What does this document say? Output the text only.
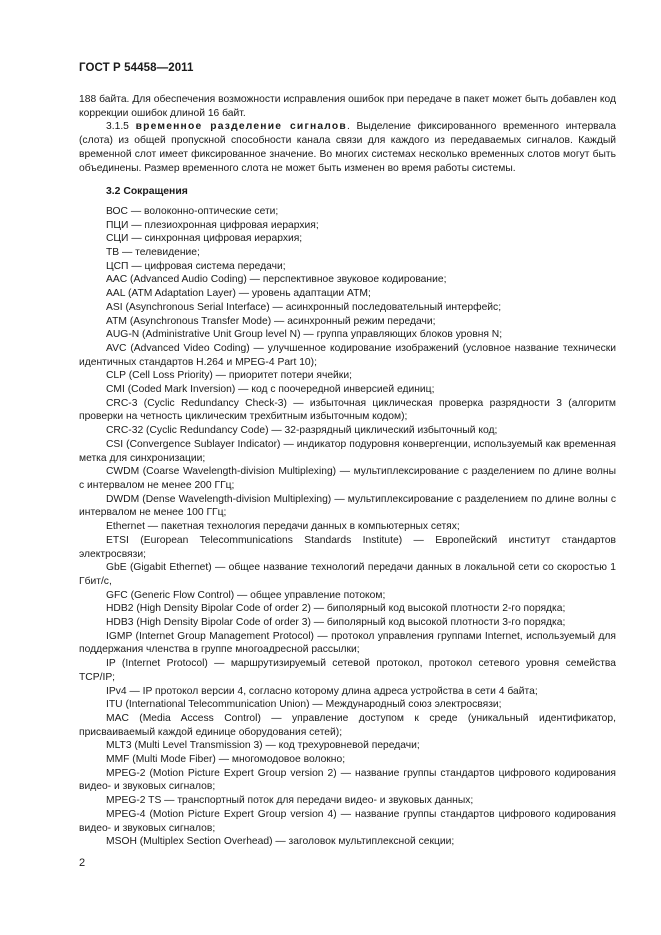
ГОСТ Р 54458—2011

188 байта. Для обеспечения возможности исправления ошибок при передаче в пакет может быть добавлен код коррекции ошибок длиной 16 байт.

3.1.5 временное разделение сигналов. Выделение фиксированного временного интервала (слота) из общей пропускной способности канала связи для каждого из передаваемых сигналов. Каждый временной слот имеет фиксированное значение. Во многих системах несколько временных слотов могут быть объединены. Размер временного слота не может быть изменен во время работы системы.

3.2 Сокращения

ВОС — волоконно-оптические сети;

ПЦИ — плезиохронная цифровая иерархия;

СЦИ — синхронная цифровая иерархия;

ТВ — телевидение;

ЦСП — цифровая система передачи;

AAC (Advanced Audio Coding) — перспективное звуковое кодирование;

AAL (ATM Adaptation Layer) — уровень адаптации ATM;

ASI (Asynchronous Serial Interface) — асинхронный последовательный интерфейс;

ATM (Asynchronous Transfer Mode) — асинхронный режим передачи;

AUG-N (Administrative Unit Group level N) — группа управляющих блоков уровня N;

AVC (Advanced Video Coding) — улучшенное кодирование изображений (условное название технически идентичных стандартов H.264 и MPEG-4 Part 10);

CLP (Cell Loss Priority) — приоритет потери ячейки;

CMI (Coded Mark Inversion) — код с поочередной инверсией единиц;

CRC-3 (Cyclic Redundancy Check-3) — избыточная циклическая проверка разрядности 3 (алгоритм проверки на четность циклическим трехбитным избыточным кодом);

CRC-32 (Cyclic Redundancy Code) — 32-разрядный циклический избыточный код;

CSI (Convergence Sublayer Indicator) — индикатор подуровня конвергенции, используемый как временная метка для синхронизации;

CWDM (Coarse Wavelength-division Multiplexing) — мультиплексирование с разделением по длине волны с интервалом не менее 200 ГГц;

DWDM (Dense Wavelength-division Multiplexing) — мультиплексирование с разделением по длине волны с интервалом не менее 100 ГГц;

Ethernet — пакетная технология передачи данных в компьютерных сетях;

ETSI (European Telecommunications Standards Institute) — Европейский институт стандартов электросвязи;

GbE (Gigabit Ethernet) — общее название технологий передачи данных в локальной сети со скоростью 1 Гбит/с,

GFC (Generic Flow Control) — общее управление потоком;

HDB2 (High Density Bipolar Code of order 2) — биполярный код высокой плотности 2-го порядка;

HDB3 (High Density Bipolar Code of order 3) — биполярный код высокой плотности 3-го порядка;

IGMP (Internet Group Management Protocol) — протокол управления группами Internet, используемый для поддержания членства в группе многоадресной рассылки;

IP (Internet Protocol) — маршрутизируемый сетевой протокол, протокол сетевого уровня семейства TCP/IP;

IPv4 — IP протокол версии 4, согласно которому длина адреса устройства в сети 4 байта;

ITU (International Telecommunication Union) — Международный союз электросвязи;

MAC (Media Access Control) — управление доступом к среде (уникальный идентификатор, присваиваемый каждой единице оборудования сетей);

MLT3 (Multi Level Transmission 3) — код трехуровневой передачи;

MMF (Multi Mode Fiber) — многомодовое волокно;

MPEG-2 (Motion Picture Expert Group version 2) — название группы стандартов цифрового кодирования видео- и звуковых сигналов;

MPEG-2 TS — транспортный поток для передачи видео- и звуковых данных;

MPEG-4 (Motion Picture Expert Group version 4) — название группы стандартов цифрового кодирования видео- и звуковых сигналов;

MSOH (Multiplex Section Overhead) — заголовок мультиплексной секции;

2
